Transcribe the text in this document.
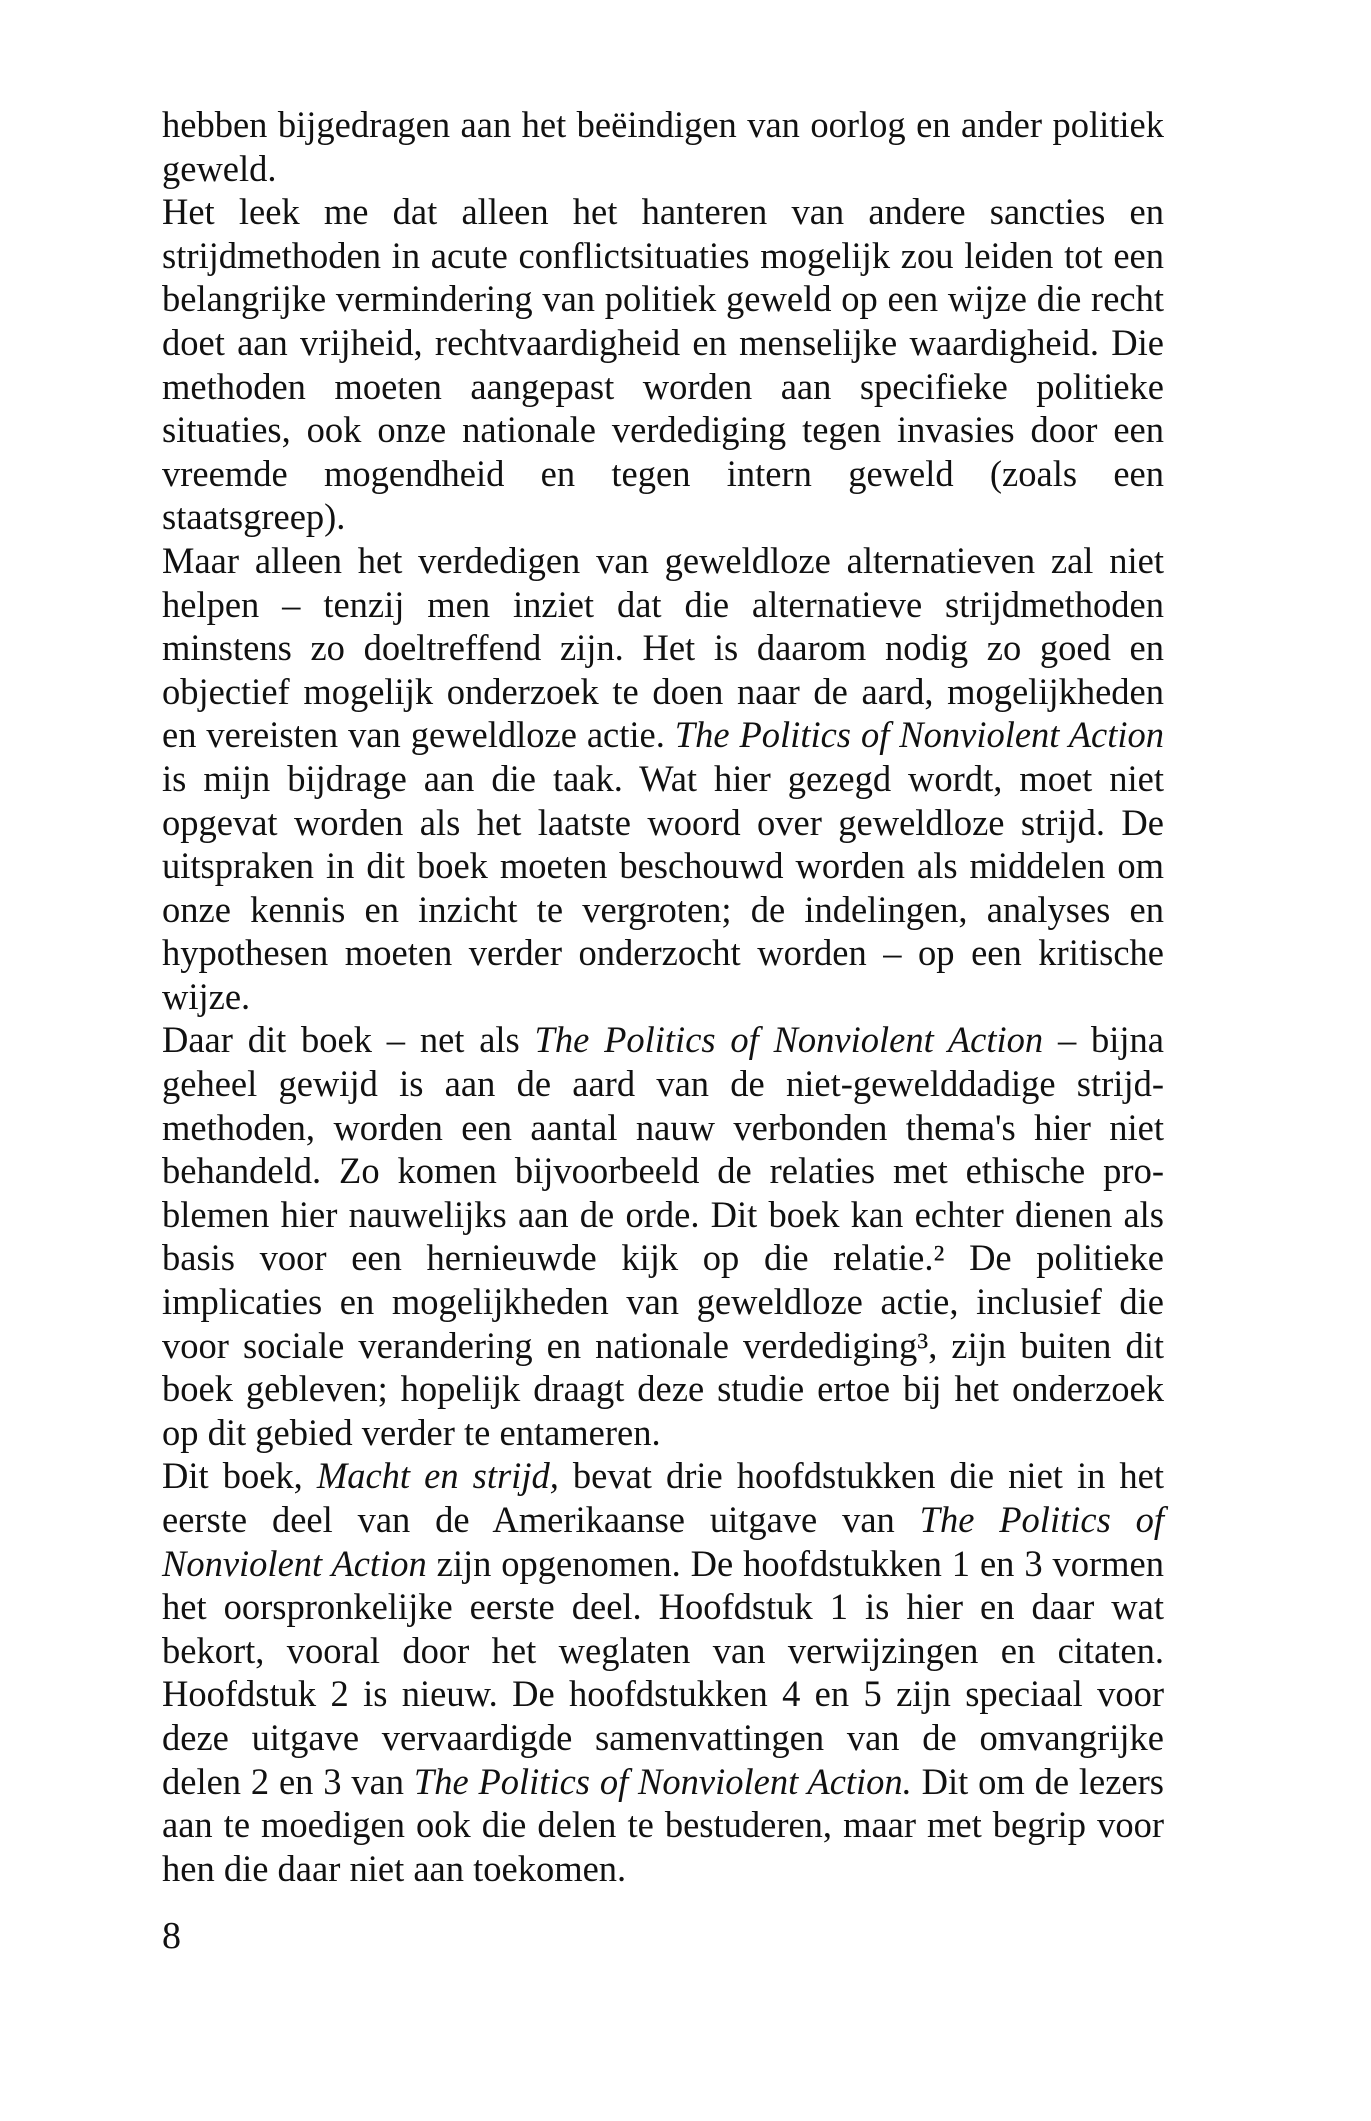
hebben bijgedragen aan het beëindigen van oorlog en ander politiek geweld.

Het leek me dat alleen het hanteren van andere sancties en strijdmethoden in acute conflictsituaties mogelijk zou leiden tot een belangrijke vermindering van politiek geweld op een wijze die recht doet aan vrijheid, rechtvaardigheid en menselijke waardigheid. Die methoden moeten aangepast worden aan specifieke politieke situaties, ook onze nationale verdediging tegen invasies door een vreemde mogendheid en tegen intern geweld (zoals een staatsgreep).

Maar alleen het verdedigen van geweldloze alternatieven zal niet helpen – tenzij men inziet dat die alternatieve strijdmethoden minstens zo doeltreffend zijn. Het is daarom nodig zo goed en objectief mogelijk onderzoek te doen naar de aard, mogelijkheden en vereisten van geweldloze actie. The Politics of Nonviolent Action is mijn bijdrage aan die taak. Wat hier gezegd wordt, moet niet opgevat worden als het laatste woord over geweldloze strijd. De uitspraken in dit boek moeten beschouwd worden als middelen om onze kennis en inzicht te vergroten; de indelingen, analyses en hypothesen moeten verder onderzocht worden – op een kritische wijze.

Daar dit boek – net als The Politics of Nonviolent Action – bijna geheel gewijd is aan de aard van de niet-gewelddadige strijdmethoden, worden een aantal nauw verbonden thema's hier niet behandeld. Zo komen bijvoorbeeld de relaties met ethische problemen hier nauwelijks aan de orde. Dit boek kan echter dienen als basis voor een hernieuwde kijk op die relatie.² De politieke implicaties en mogelijkheden van geweldloze actie, inclusief die voor sociale verandering en nationale verdediging³, zijn buiten dit boek gebleven; hopelijk draagt deze studie ertoe bij het onderzoek op dit gebied verder te entameren.

Dit boek, Macht en strijd, bevat drie hoofdstukken die niet in het eerste deel van de Amerikaanse uitgave van The Politics of Nonviolent Action zijn opgenomen. De hoofdstukken 1 en 3 vormen het oorspronkelijke eerste deel. Hoofdstuk 1 is hier en daar wat bekort, vooral door het weglaten van verwijzingen en citaten. Hoofdstuk 2 is nieuw. De hoofdstukken 4 en 5 zijn speciaal voor deze uitgave vervaardigde samenvattingen van de omvangrijke delen 2 en 3 van The Politics of Nonviolent Action. Dit om de lezers aan te moedigen ook die delen te bestuderen, maar met begrip voor hen die daar niet aan toekomen.

8
